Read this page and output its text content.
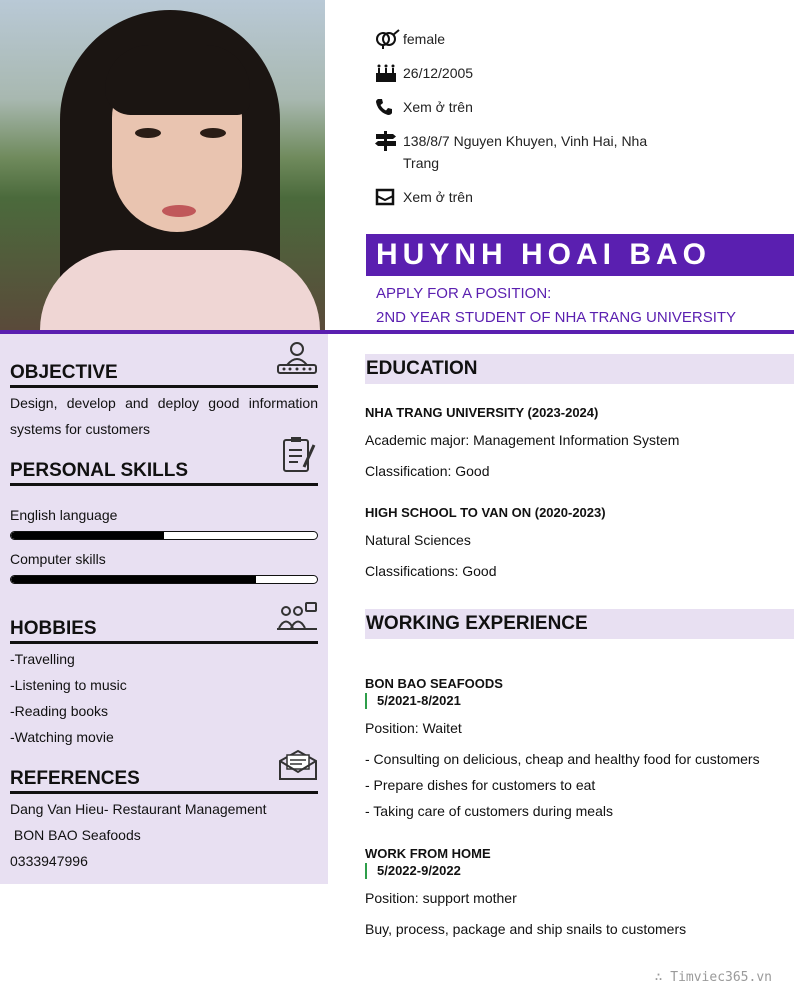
female
26/12/2005
Xem ở trên
138/8/7 Nguyen Khuyen, Vinh Hai, Nha
Trang
Xem ở trên
HUYNH HOAI BAO
APPLY FOR A POSITION:
2ND YEAR STUDENT OF NHA TRANG UNIVERSITY
OBJECTIVE
Design, develop and deploy good information
systems for customers
PERSONAL SKILLS
English language
Computer skills
HOBBIES
-Travelling
-Listening to music
-Reading books
-Watching movie
REFERENCES
Dang Van Hieu- Restaurant Management
BON BAO Seafoods
0333947996
EDUCATION
NHA TRANG UNIVERSITY (2023-2024)
Academic major: Management Information System
Classification: Good
HIGH SCHOOL TO VAN ON (2020-2023)
Natural Sciences
Classifications: Good
WORKING EXPERIENCE
BON BAO SEAFOODS
5/2021-8/2021
Position: Waitet
- Consulting on delicious, cheap and healthy food for customers
- Prepare dishes for customers to eat
- Taking care of customers during meals
WORK FROM HOME
5/2022-9/2022
Position: support mother
Buy, process, package and ship snails to customers
∴ Timviec365.vn
